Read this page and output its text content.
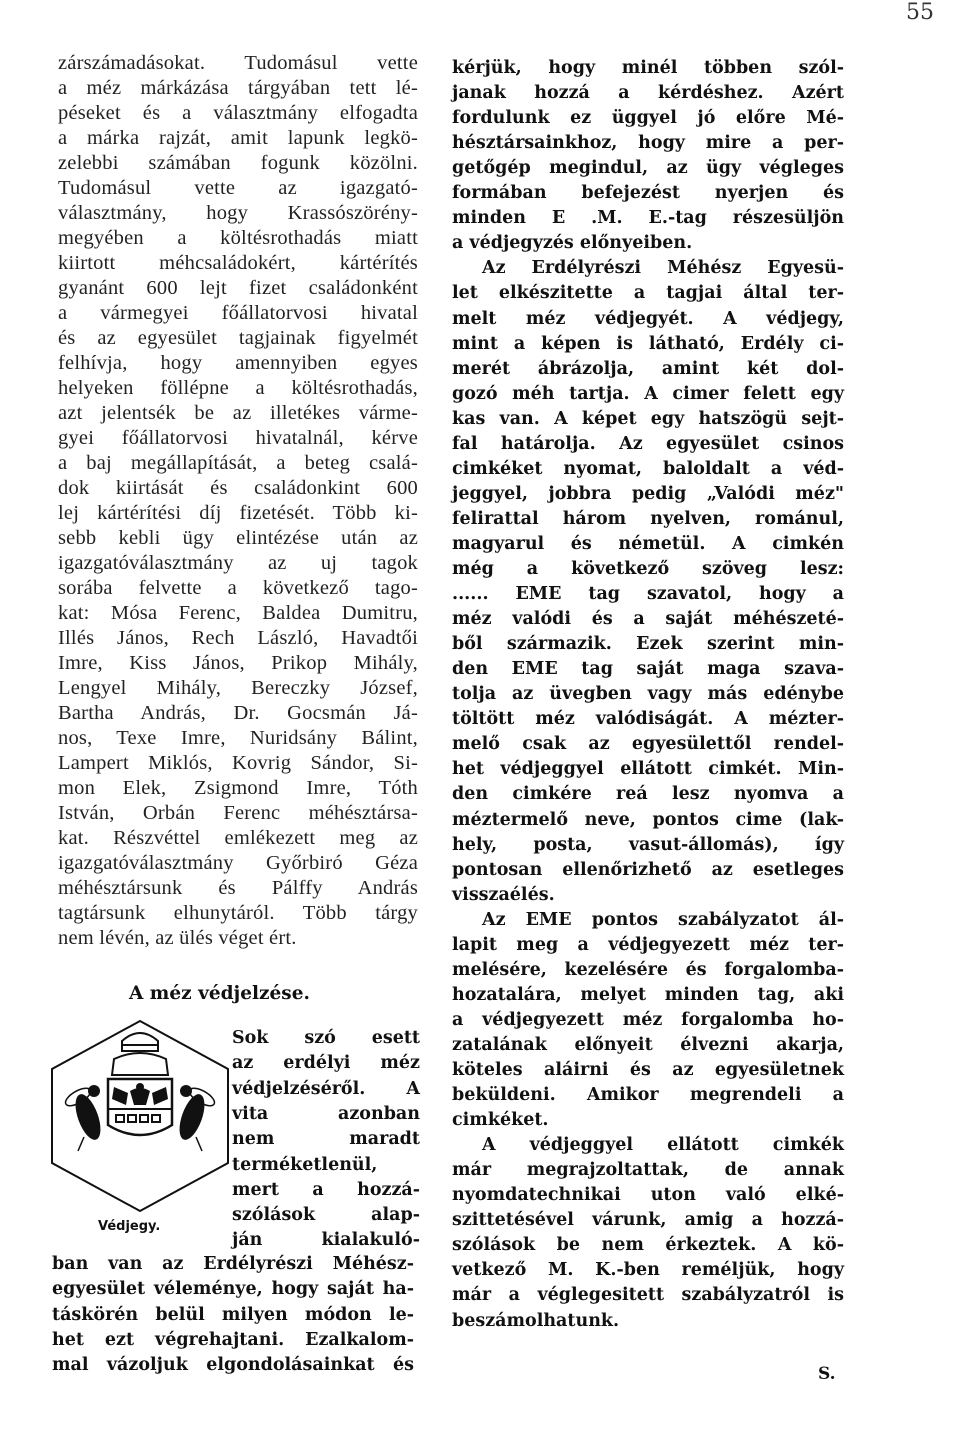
55

zárszámadásokat. Tudomásul vette

a méz márkázása tárgyában tett lé-

péseket és a választmány elfogadta

a márka rajzát, amit lapunk legkö-

zelebbi számában fogunk közölni.

Tudomásul vette az igazgató-

választmány, hogy Krassószörény-

megyében a költésrothadás miatt

kiirtott méhcsaládokért, kártérítés

gyanánt 600 lejt fizet családonként

a vármegyei főállatorvosi hivatal

és az egyesület tagjainak figyelmét

felhívja, hogy amennyiben egyes

helyeken föllépne a költésrothadás,

azt jelentsék be az illetékes várme-

gyei főállatorvosi hivatalnál, kérve

a baj megállapítását, a beteg csalá-

dok kiirtását és családonkint 600

lej kártérítési díj fizetését. Több ki-

sebb kebli ügy elintézése után az

igazgatóválasztmány az uj tagok

sorába felvette a következő tago-

kat: Mósa Ferenc, Baldea Dumitru,

Illés János, Rech László, Havadtői

Imre, Kiss János, Prikop Mihály,

Lengyel Mihály, Bereczky József,

Bartha András, Dr. Gocsmán Já-

nos, Texe Imre, Nuridsány Bálint,

Lampert Miklós, Kovrig Sándor, Si-

mon Elek, Zsigmond Imre, Tóth

István, Orbán Ferenc méhésztársa-

kat. Részvéttel emlékezett meg az

igazgatóválasztmány Győrbiró Géza

méhésztársunk és Pálffy András

tagtársunk elhunytáról. Több tárgy

nem lévén, az ülés véget ért.

A méz védjelzése.
Védjegy.

Sok szó esett

az erdélyi méz

védjelzéséről. A

vita azonban

nem maradt

terméketlenül,

mert a hozzá-

szólások alap-

ján kialakuló-

ban van az Erdélyrészi Méhész-

egyesület véleménye, hogy saját ha-

táskörén belül milyen módon le-

het ezt végrehajtani. Ezalkalom-

mal vázoljuk elgondolásainkat és

kérjük, hogy minél többen szól-

janak hozzá a kérdéshez. Azért

fordulunk ez üggyel jó előre Mé-

hésztársainkhoz, hogy mire a per-

getőgép megindul, az ügy végleges

formában befejezést nyerjen és

minden E .M. E.-tag részesüljön

a védjegyzés előnyeiben.

Az Erdélyrészi Méhész Egyesü-

let elkészitette a tagjai által ter-

melt méz védjegyét. A védjegy,

mint a képen is látható, Erdély ci-

merét ábrázolja, amint két dol-

gozó méh tartja. A cimer felett egy

kas van. A képet egy hatszögü sejt-

fal határolja. Az egyesület csinos

cimkéket nyomat, baloldalt a véd-

jeggyel, jobbra pedig „Valódi méz"

felirattal három nyelven, románul,

magyarul és németül. A cimkén

még a következő szöveg lesz:

...... EME tag szavatol, hogy a

méz valódi és a saját méhészeté-

ből származik. Ezek szerint min-

den EME tag saját maga szava-

tolja az üvegben vagy más edénybe

töltött méz valódiságát. A mézter-

melő csak az egyesülettől rendel-

het védjeggyel ellátott cimkét. Min-

den cimkére reá lesz nyomva a

méztermelő neve, pontos cime (lak-

hely, posta, vasut-állomás), így

pontosan ellenőrizhető az esetleges

visszaélés.

Az EME pontos szabályzatot ál-

lapit meg a védjegyezett méz ter-

melésére, kezelésére és forgalomba-

hozatalára, melyet minden tag, aki

a védjegyezett méz forgalomba ho-

zatalának előnyeit élvezni akarja,

köteles aláirni és az egyesületnek

beküldeni. Amikor megrendeli a

cimkéket.

A védjeggyel ellátott cimkék

már megrajzoltattak, de annak

nyomdatechnikai uton való elké-

szittetésével várunk, amig a hozzá-

szólások be nem érkeztek. A kö-

vetkező M. K.-ben reméljük, hogy

már a véglegesitett szabályzatról is

beszámolhatunk.

S.
